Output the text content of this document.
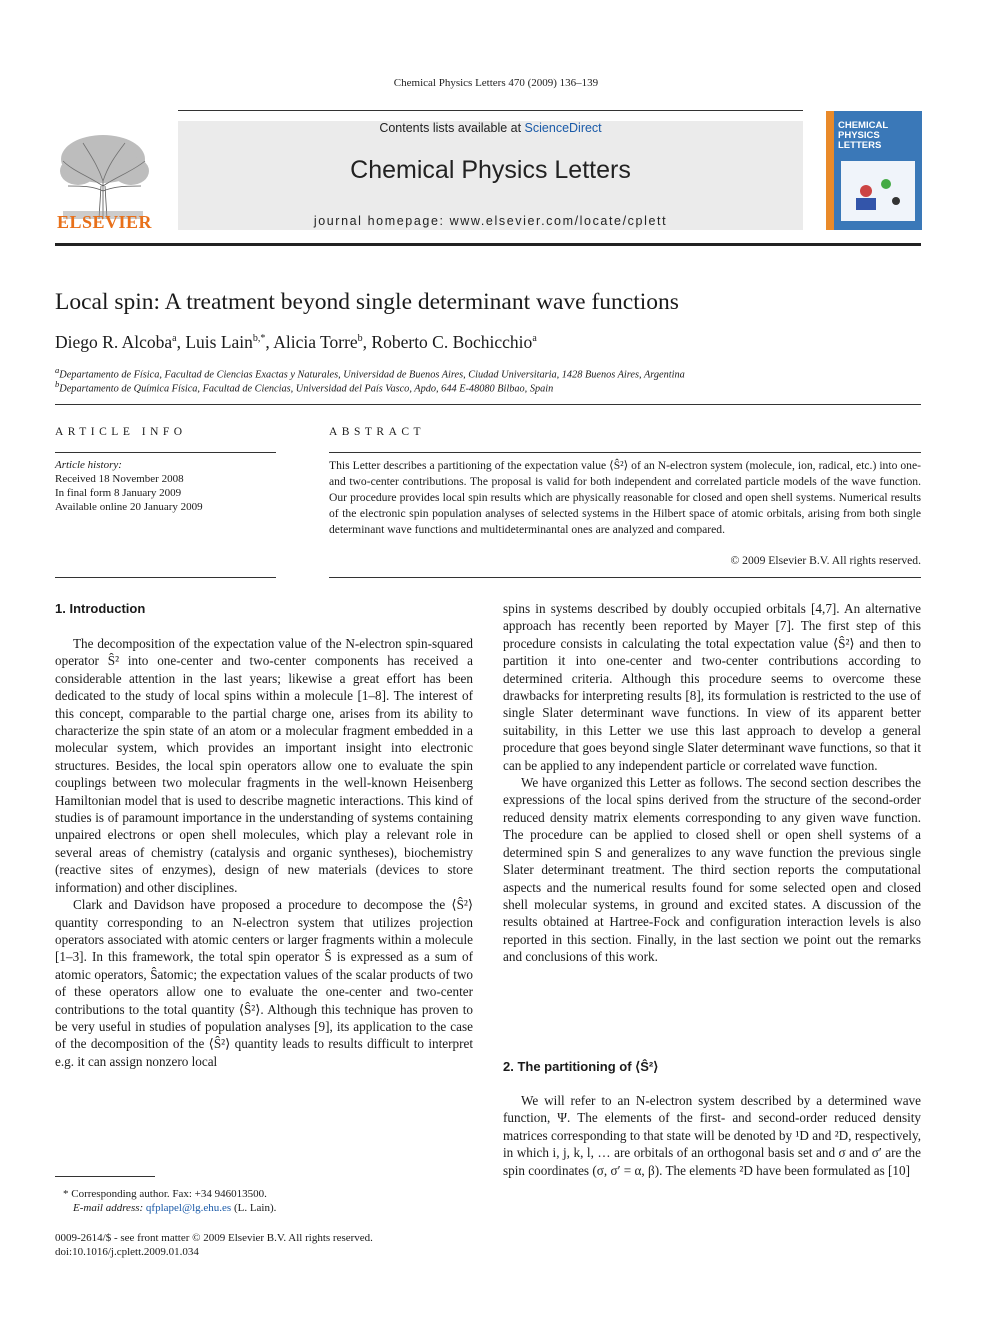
Chemical Physics Letters 470 (2009) 136–139
ELSEVIER
Contents lists available at ScienceDirect
Chemical Physics Letters
journal homepage: www.elsevier.com/locate/cplett
CHEMICAL
PHYSICS
LETTERS
Local spin: A treatment beyond single determinant wave functions
Diego R. Alcoba$^a$, Luis Lain$^{b,*}$, Alicia Torre$^b$, Roberto C. Bochicchio$^a$
$^a$Departamento de Física, Facultad de Ciencias Exactas y Naturales, Universidad de Buenos Aires, Ciudad Universitaria, 1428 Buenos Aires, Argentina
$^b$Departamento de Química Física, Facultad de Ciencias, Universidad del País Vasco, Apdo, 644 E-48080 Bilbao, Spain
ARTICLE INFO
Article history:
Received 18 November 2008
In final form 8 January 2009
Available online 20 January 2009
ABSTRACT
This Letter describes a partitioning of the expectation value ⟨Ŝ²⟩ of an N-electron system (molecule, ion, radical, etc.) into one- and two-center contributions. The proposal is valid for both independent and correlated particle models of the wave function. Our procedure provides local spin results which are physically reasonable for closed and open shell systems. Numerical results of the electronic spin population analyses of selected systems in the Hilbert space of atomic orbitals, arising from both single determinant wave functions and multideterminantal ones are analyzed and compared.
© 2009 Elsevier B.V. All rights reserved.
1. Introduction

The decomposition of the expectation value of the N-electron spin-squared operator Ŝ² into one-center and two-center components has received a considerable attention in the last years; likewise a great effort has been dedicated to the study of local spins within a molecule [1–8]. The interest of this concept, comparable to the partial charge one, arises from its ability to characterize the spin state of an atom or a molecular fragment embedded in a molecular system, which provides an important insight into electronic structures. Besides, the local spin operators allow one to evaluate the spin couplings between two molecular fragments in the well-known Heisenberg Hamiltonian model that is used to describe magnetic interactions. This kind of studies is of paramount importance in the understanding of systems containing unpaired electrons or open shell molecules, which play a relevant role in several areas of chemistry (catalysis and organic syntheses), biochemistry (reactive sites of enzymes), design of new materials (devices to store information) and other disciplines.

Clark and Davidson have proposed a procedure to decompose the ⟨Ŝ²⟩ quantity corresponding to an N-electron system that utilizes projection operators associated with atomic centers or larger fragments within a molecule [1–3]. In this framework, the total spin operator Ŝ is expressed as a sum of atomic operators, Ŝatomic; the expectation values of the scalar products of two of these operators allow one to evaluate the one-center and two-center contributions to the total quantity ⟨Ŝ²⟩. Although this technique has proven to be very useful in studies of population analyses [9], its application to the case of the decomposition of the ⟨Ŝ²⟩ quantity leads to results difficult to interpret e.g. it can assign nonzero local

spins in systems described by doubly occupied orbitals [4,7]. An alternative approach has recently been reported by Mayer [7]. The first step of this procedure consists in calculating the total expectation value ⟨Ŝ²⟩ and then to partition it into one-center and two-center contributions according to determined criteria. Although this procedure seems to overcome these drawbacks for interpreting results [8], its formulation is restricted to the use of single Slater determinant wave functions. In view of its apparent better suitability, in this Letter we use this last approach to develop a general procedure that goes beyond single Slater determinant wave functions, so that it can be applied to any independent particle or correlated wave function.

We have organized this Letter as follows. The second section describes the expressions of the local spins derived from the structure of the second-order reduced density matrix elements corresponding to any given wave function. The procedure can be applied to closed shell or open shell systems of a determined spin S and generalizes to any wave function the previous single Slater determinant treatment. The third section reports the computational aspects and the numerical results found for some selected open and closed shell molecular systems, in ground and excited states. A discussion of the results obtained at Hartree-Fock and configuration interaction levels is also reported in this section. Finally, in the last section we point out the remarks and conclusions of this work.

2. The partitioning of ⟨Ŝ²⟩

We will refer to an N-electron system described by a determined wave function, Ψ. The elements of the first- and second-order reduced density matrices corresponding to that state will be denoted by ¹D and ²D, respectively, in which i, j, k, l, … are orbitals of an orthogonal basis set and σ and σ′ are the spin coordinates (σ, σ′ = α, β). The elements ²D have been formulated as [10]

* Corresponding author. Fax: +34 946013500.
E-mail address: qfplapel@lg.ehu.es (L. Lain).
0009-2614/$ - see front matter © 2009 Elsevier B.V. All rights reserved.
doi:10.1016/j.cplett.2009.01.034
